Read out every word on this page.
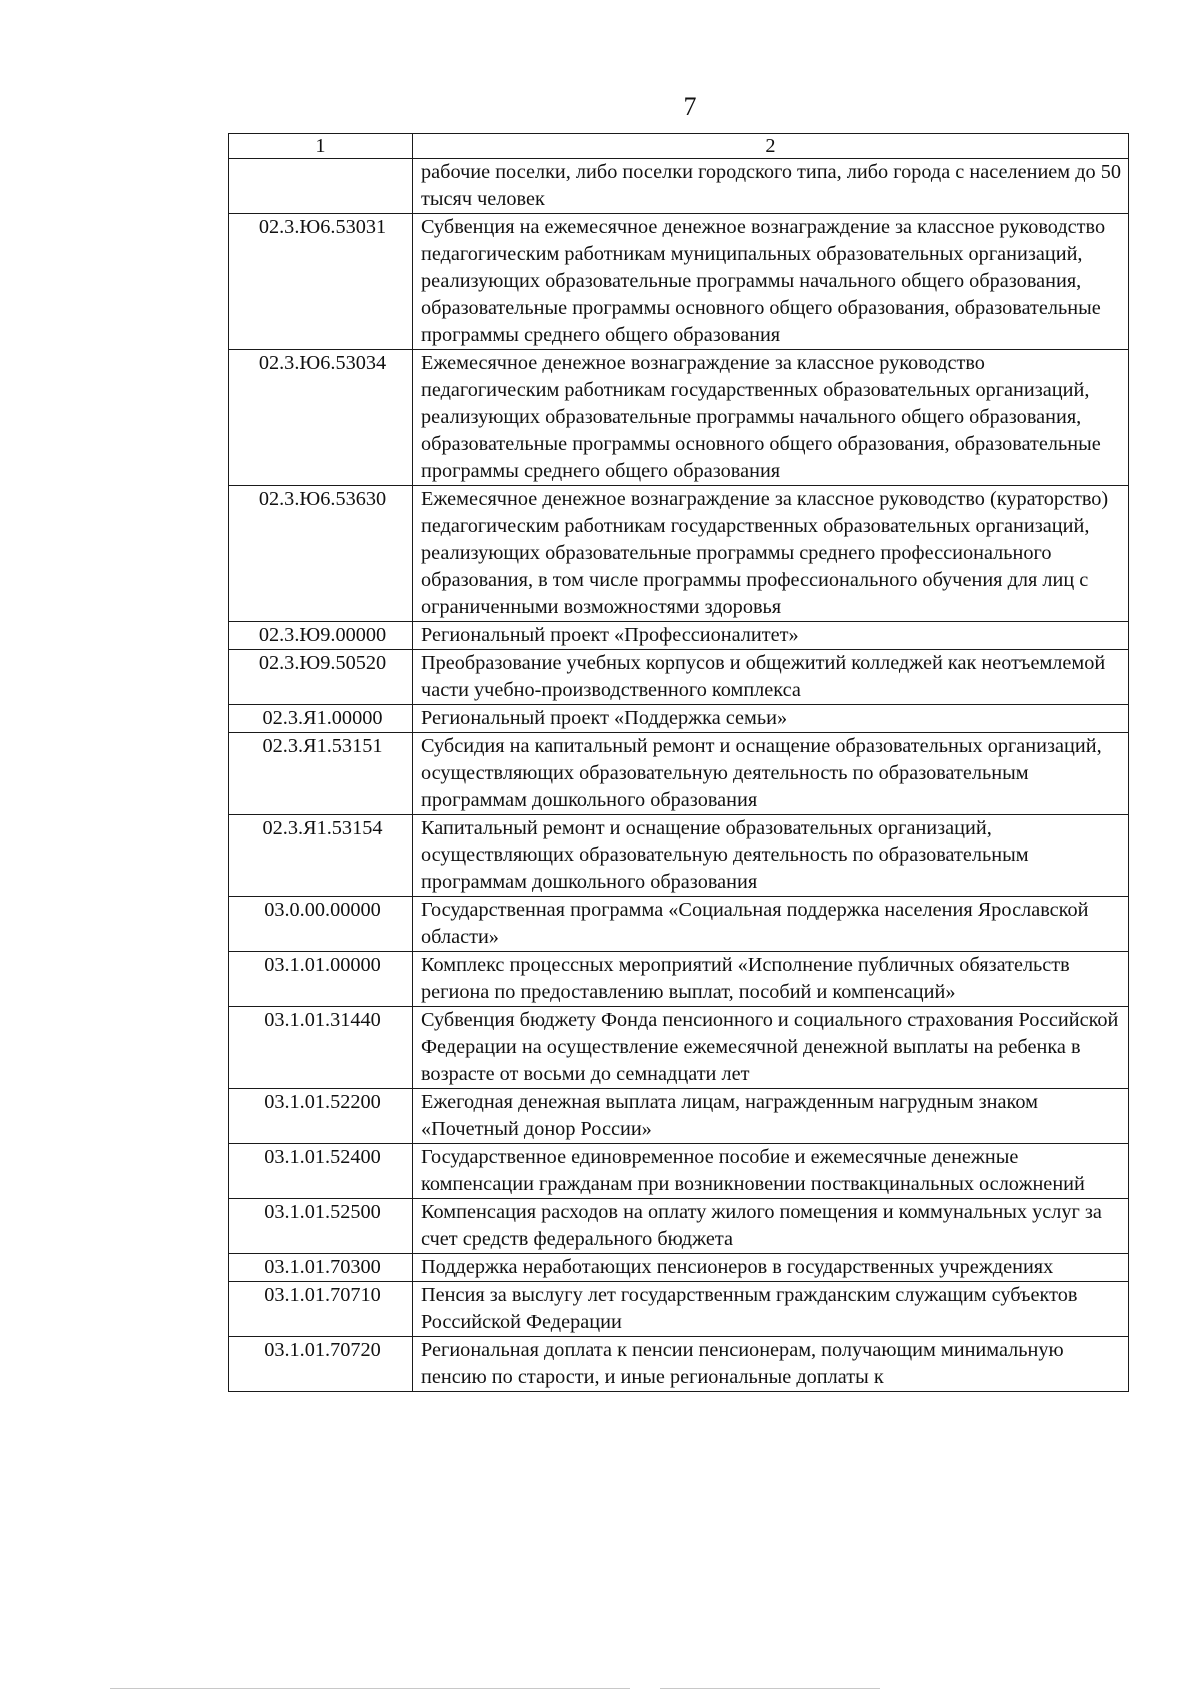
7
1	2
	рабочие поселки, либо поселки городского типа, либо города с населением до 50 тысяч человек
02.3.Ю6.53031	Субвенция на ежемесячное денежное вознаграждение за классное руководство педагогическим работникам муниципальных образовательных организаций, реализующих образовательные программы начального общего образования, образовательные программы основного общего образования, образовательные программы среднего общего образования
02.3.Ю6.53034	Ежемесячное денежное вознаграждение за классное руководство педагогическим работникам государственных образовательных организаций, реализующих образовательные программы начального общего образования, образовательные программы основного общего образования, образовательные программы среднего общего образования
02.3.Ю6.53630	Ежемесячное денежное вознаграждение за классное руководство (кураторство) педагогическим работникам государственных образовательных организаций, реализующих образовательные программы среднего профессионального образования, в том числе программы профессионального обучения для лиц с ограниченными возможностями здоровья
02.3.Ю9.00000	Региональный проект «Профессионалитет»
02.3.Ю9.50520	Преобразование учебных корпусов и общежитий колледжей как неотъемлемой части учебно-производственного комплекса
02.3.Я1.00000	Региональный проект «Поддержка семьи»
02.3.Я1.53151	Субсидия на капитальный ремонт и оснащение образовательных организаций, осуществляющих образовательную деятельность по образовательным программам дошкольного образования
02.3.Я1.53154	Капитальный ремонт и оснащение образовательных организаций, осуществляющих образовательную деятельность по образовательным программам дошкольного образования
03.0.00.00000	Государственная программа «Социальная поддержка населения Ярославской области»
03.1.01.00000	Комплекс процессных мероприятий «Исполнение публичных обязательств региона по предоставлению выплат, пособий и компенсаций»
03.1.01.31440	Субвенция бюджету Фонда пенсионного и социального страхования Российской Федерации на осуществление ежемесячной денежной выплаты на ребенка в возрасте от восьми до семнадцати лет
03.1.01.52200	Ежегодная денежная выплата лицам, награжденным нагрудным знаком «Почетный донор России»
03.1.01.52400	Государственное единовременное пособие и ежемесячные денежные компенсации гражданам при возникновении поствакцинальных осложнений
03.1.01.52500	Компенсация расходов на оплату жилого помещения и коммунальных услуг за счет средств федерального бюджета
03.1.01.70300	Поддержка неработающих пенсионеров в государственных учреждениях
03.1.01.70710	Пенсия за выслугу лет государственным гражданским служащим субъектов Российской Федерации
03.1.01.70720	Региональная доплата к пенсии пенсионерам, получающим минимальную пенсию по старости, и иные региональные доплаты к
